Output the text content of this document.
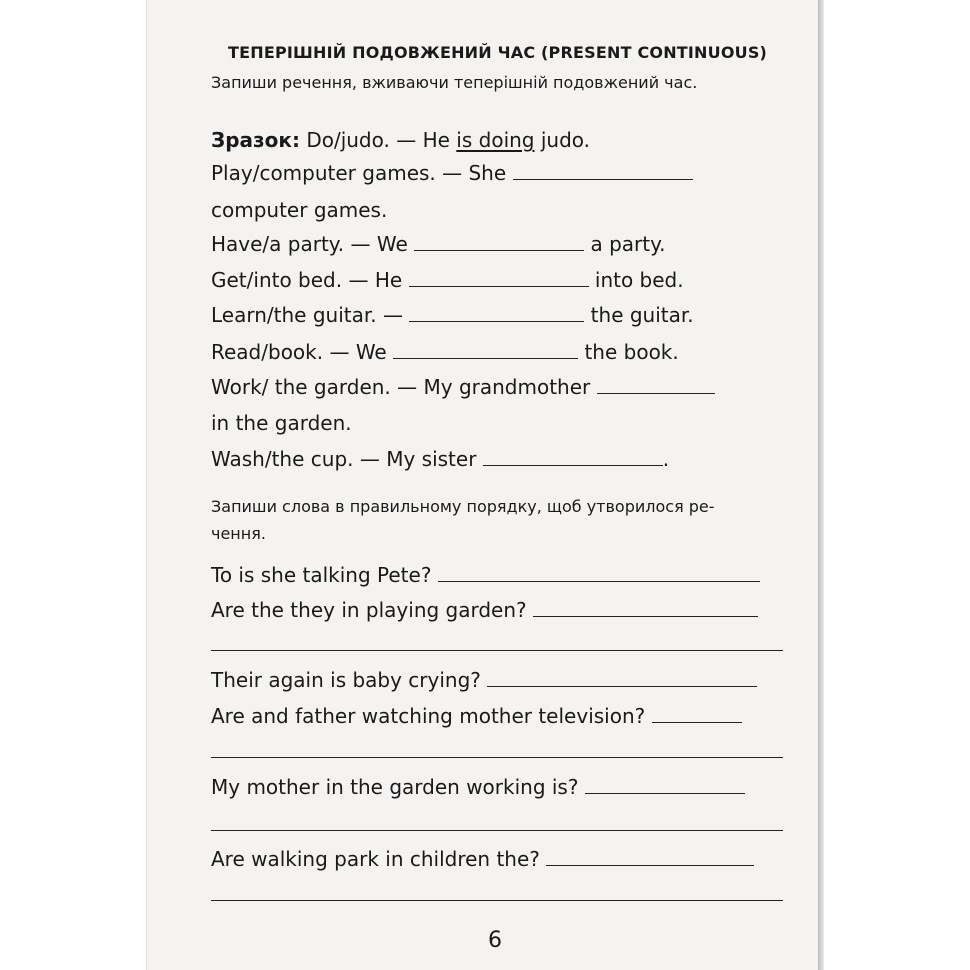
ТЕПЕРІШНІЙ ПОДОВЖЕНИЙ ЧАС (PRESENT CONTINUOUS)
Запиши речення, вживаючи теперішній подовжений час.
Зразок: Do/judo. — He is doing judo.
Play/computer games. — She
computer games.
Have/a party. — We	a party.
Get/into bed. — He	into bed.
Learn/the guitar. —	the guitar.
Read/book. — We	the book.
Work/ the garden. — My grandmother
in the garden.
Wash/the cup. — My sister	.
Запиши слова в правильному порядку, щоб утворилося ре-
чення.
To is she talking Pete?
Are the they in playing garden?
Their again is baby crying?
Are and father watching mother television?
My mother in the garden working is?
Are walking park in children the?
6
